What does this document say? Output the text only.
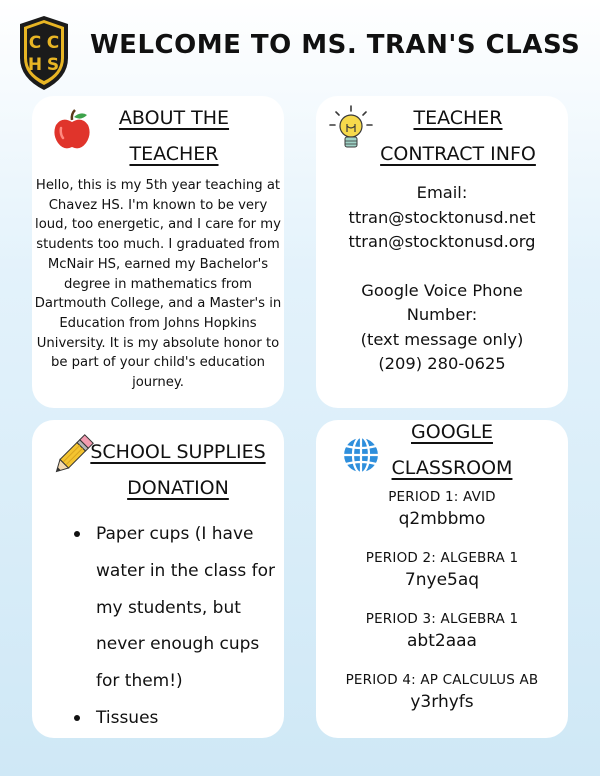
C C
H S
WELCOME TO MS. TRAN'S CLASS
ABOUT THE
TEACHER
Hello, this is my 5th year teaching at Chavez HS. I'm known to be very loud, too energetic, and I care for my students too much. I graduated from McNair HS, earned my Bachelor's degree in mathematics from Dartmouth College, and a Master's in Education from Johns Hopkins University. It is my absolute honor to be part of your child's education journey.
TEACHER
CONTRACT INFO
Email:
ttran@stocktonusd.net
ttran@stocktonusd.org
Google Voice Phone
Number:
(text message only)
(209) 280-0625
SCHOOL SUPPLIES
DONATION
Paper cups (I have water in the class for my students, but never enough cups for them!)
Tissues
GOOGLE
CLASSROOM
PERIOD 1: AVID
q2mbbmo
PERIOD 2: ALGEBRA 1
7nye5aq
PERIOD 3: ALGEBRA 1
abt2aaa
PERIOD 4: AP CALCULUS AB
y3rhyfs
